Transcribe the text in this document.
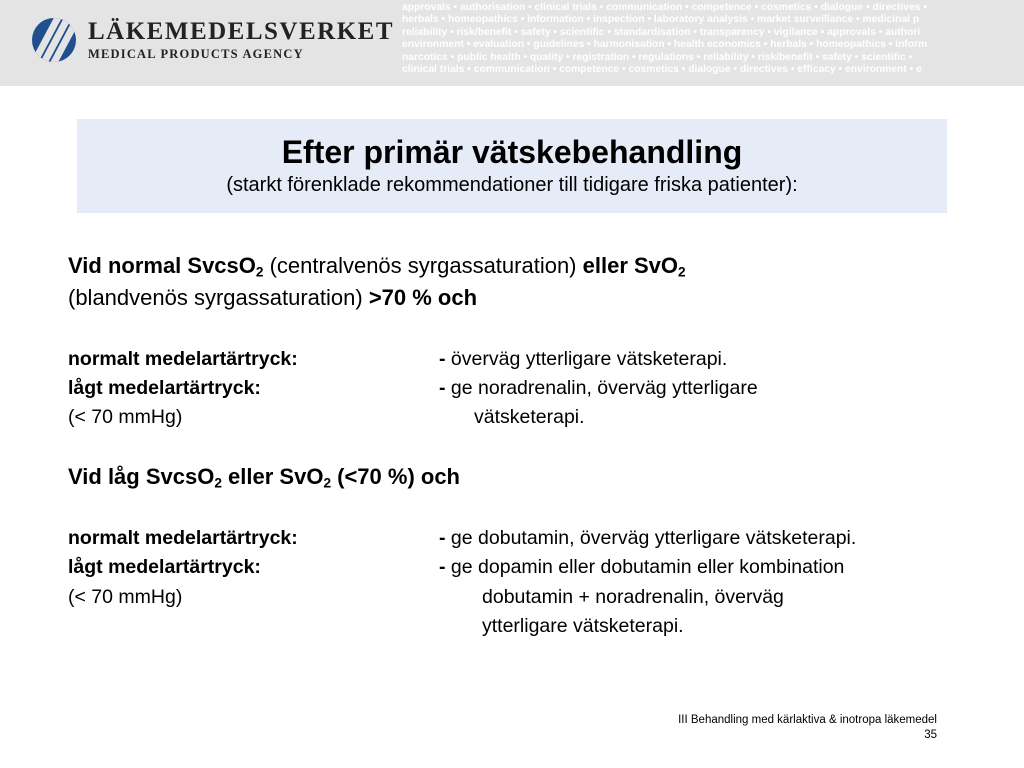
LÄKEMEDELSVERKET
MEDICAL PRODUCTS AGENCY
approvals • authorisation • clinical trials • communication • competence • cosmetics • dialogue • directives •
herbals • homeopathics • information • inspection • laboratory analysis • market surveillance • medicinal p
reliability • risk/benefit • safety • scientific • standardisation • transparency • vigilance • approvals • authori
environment • evaluation • guidelines • harmonisation • health economics • herbals • homeopathics • inform
narcotics • public health • quality • registration • regulations • reliability • risk/benefit • safety • scientific •
clinical trials • communication • competence • cosmetics • dialogue • directives • efficacy • environment • e
Efter primär vätskebehandling
(starkt förenklade rekommendationer till tidigare friska patienter):
Vid normal SvcsO$_2$ (centralvenös syrgassaturation) eller SvO$_2$
(blandvenös syrgassaturation) >70 % och
normalt medelartärtryck:	- överväg ytterligare vätsketerapi.
lågt medelartärtryck:	- ge noradrenalin, överväg ytterligare
(< 70 mmHg)	vätsketerapi.
Vid låg SvcsO$_2$ eller SvO$_2$ (<70 %) och
normalt medelartärtryck:	- ge dobutamin, överväg ytterligare vätsketerapi.
lågt medelartärtryck:	- ge dopamin eller dobutamin eller kombination
(< 70 mmHg)	dobutamin + noradrenalin, överväg
ytterligare vätsketerapi.
III Behandling med kärlaktiva & inotropa läkemedel
35
